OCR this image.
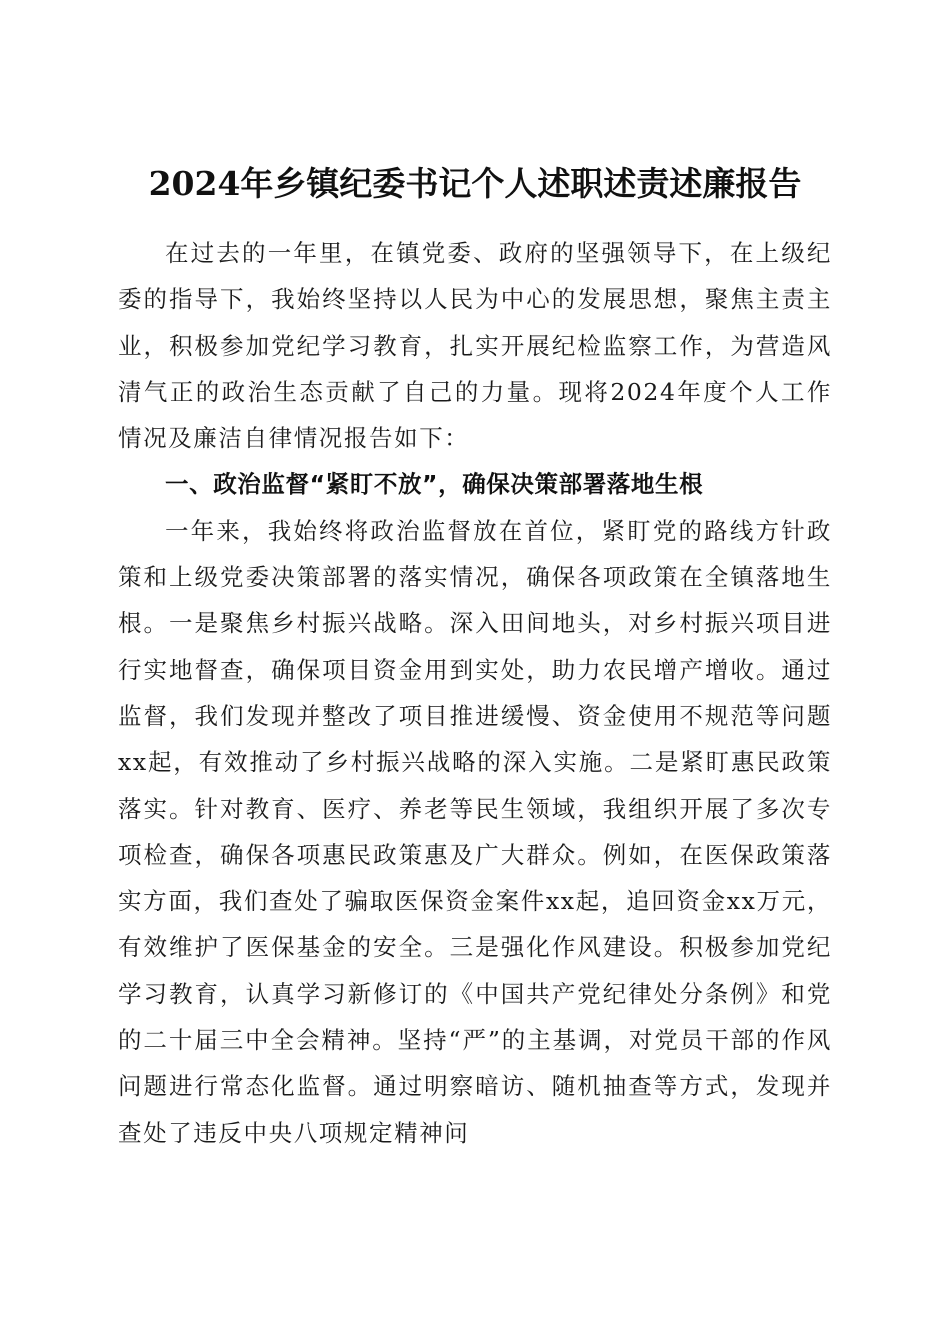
2024年乡镇纪委书记个人述职述责述廉报告

在过去的一年里，在镇党委、政府的坚强领导下，在上级纪委的指导下，我始终坚持以人民为中心的发展思想，聚焦主责主业，积极参加党纪学习教育，扎实开展纪检监察工作，为营造风清气正的政治生态贡献了自己的力量。现将2024年度个人工作情况及廉洁自律情况报告如下：

一、政治监督“紧盯不放”，确保决策部署落地生根

一年来，我始终将政治监督放在首位，紧盯党的路线方针政策和上级党委决策部署的落实情况，确保各项政策在全镇落地生根。一是聚焦乡村振兴战略。深入田间地头，对乡村振兴项目进行实地督查，确保项目资金用到实处，助力农民增产增收。通过监督，我们发现并整改了项目推进缓慢、资金使用不规范等问题xx起，有效推动了乡村振兴战略的深入实施。二是紧盯惠民政策落实。针对教育、医疗、养老等民生领域，我组织开展了多次专项检查，确保各项惠民政策惠及广大群众。例如，在医保政策落实方面，我们查处了骗取医保资金案件xx起，追回资金xx万元，有效维护了医保基金的安全。三是强化作风建设。积极参加党纪学习教育，认真学习新修订的《中国共产党纪律处分条例》和党的二十届三中全会精神。坚持“严”的主基调，对党员干部的作风问题进行常态化监督。通过明察暗访、随机抽查等方式，发现并查处了违反中央八项规定精神问
